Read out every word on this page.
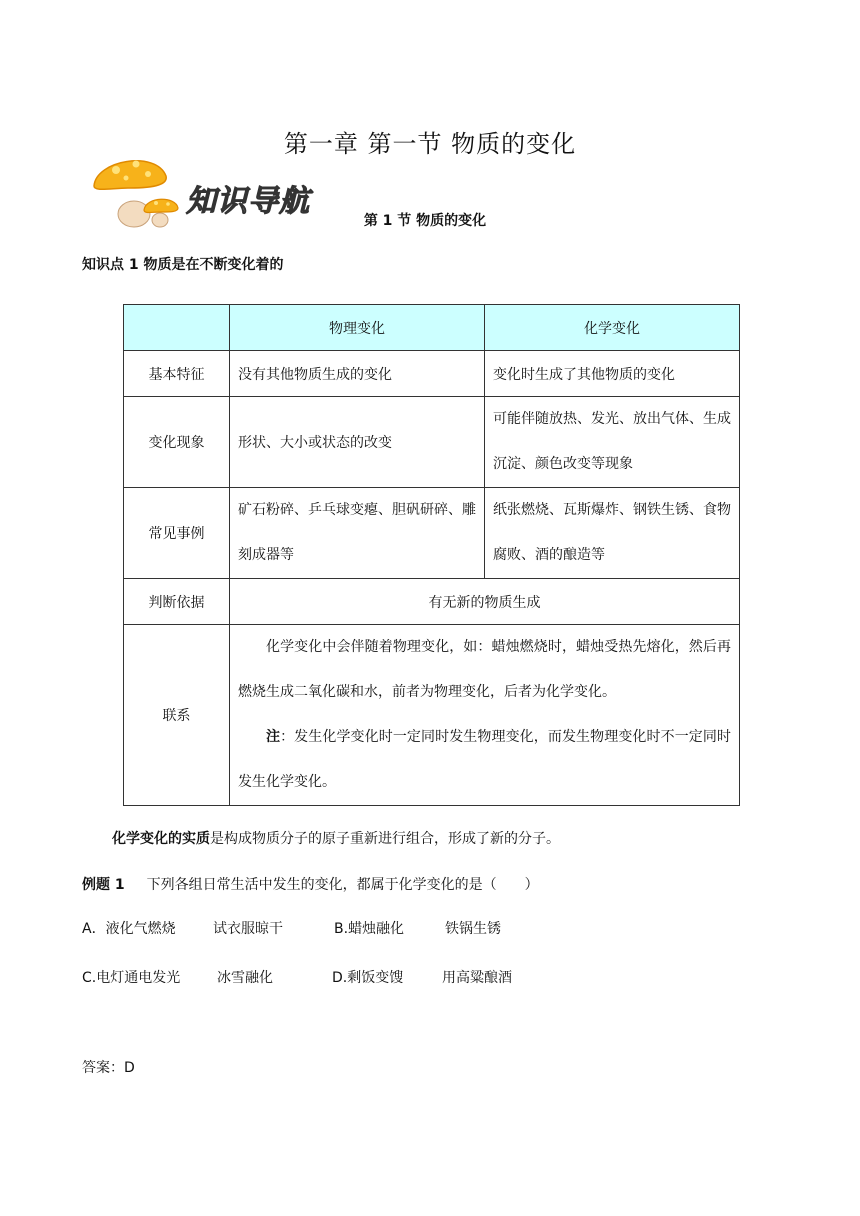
第一章 第一节 物质的变化
知识导航
第 1 节 物质的变化
知识点 1 物质是在不断变化着的
	物理变化	化学变化
基本特征	没有其他物质生成的变化	变化时生成了其他物质的变化
变化现象	形状、大小或状态的改变	可能伴随放热、发光、放出气体、生成沉淀、颜色改变等现象

常见事例	矿石粉碎、乒乓球变瘪、胆矾研碎、雕刻成器等	纸张燃烧、瓦斯爆炸、钢铁生锈、食物腐败、酒的酿造等

判断依据	有无新的物质生成	
联系	化学变化中会伴随着物理变化，如：蜡烛燃烧时，蜡烛受热先熔化，然后再燃烧生成二氧化碳和水，前者为物理变化，后者为化学变化。
注：发生化学变化时一定同时发生物理变化，而发生物理变化时不一定同时发生化学变化。	
化学变化的实质是构成物质分子的原子重新进行组合，形成了新的分子。
例题 1 下列各组日常生活中发生的变化，都属于化学变化的是（　　）
A．液化气燃烧	试衣服晾干	B.蜡烛融化	铁锅生锈
C.电灯通电发光	冰雪融化	D.剩饭变馊	用高粱酿酒
答案：D
